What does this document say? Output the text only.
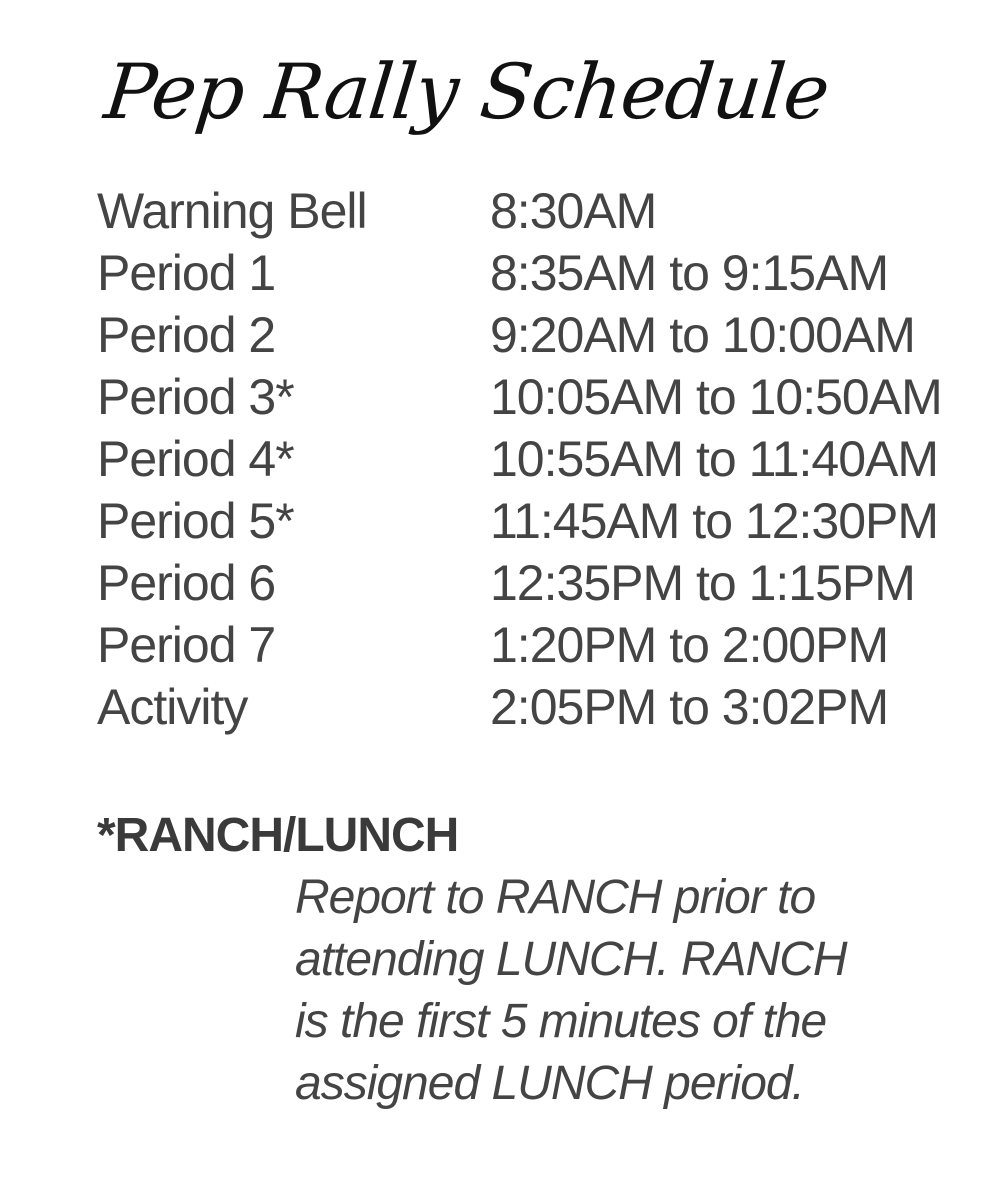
Pep Rally Schedule
Warning Bell	8:30AM
Period 1	8:35AM to 9:15AM
Period 2	9:20AM to 10:00AM
Period 3*	10:05AM to 10:50AM
Period 4*	10:55AM to 11:40AM
Period 5*	11:45AM to 12:30PM
Period 6	12:35PM to 1:15PM
Period 7	1:20PM to 2:00PM
Activity	2:05PM to 3:02PM
*RANCH/LUNCH

Report to RANCH prior to
attending LUNCH. RANCH
is the first 5 minutes of the
assigned LUNCH period.
